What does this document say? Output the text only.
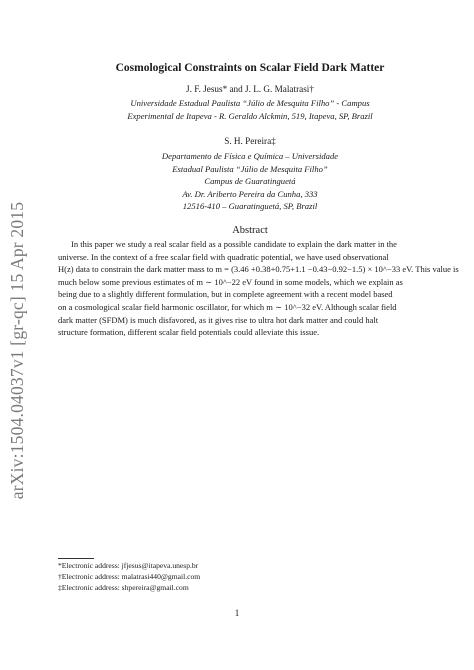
arXiv:1504.04037v1 [gr-qc] 15 Apr 2015
Cosmological Constraints on Scalar Field Dark Matter
J. F. Jesus* and J. L. G. Malatrasi†
Universidade Estadual Paulista “Júlio de Mesquita Filho” - Campus
Experimental de Itapeva - R. Geraldo Alckmin, 519, Itapeva, SP, Brazil
S. H. Pereira‡
Departamento de Física e Química – Universidade
Estadual Paulista “Júlio de Mesquita Filho”
Campus de Guaratinguetá
Av. Dr. Ariberto Pereira da Cunha, 333
12516-410 – Guaratinguetá, SP, Brazil
Abstract
In this paper we study a real scalar field as a possible candidate to explain the dark matter in the
universe. In the context of a free scalar field with quadratic potential, we have used observational
H(z) data to constrain the dark matter mass to m = (3.46 +0.38+0.75+1.1 −0.43−0.92−1.5) × 10^−33 eV. This value is
much below some previous estimates of m ∼ 10^−22 eV found in some models, which we explain as
being due to a slightly different formulation, but in complete agreement with a recent model based
on a cosmological scalar field harmonic oscillator, for which m ∼ 10^−32 eV. Although scalar field
dark matter (SFDM) is much disfavored, as it gives rise to ultra hot dark matter and could halt
structure formation, different scalar field potentials could alleviate this issue.
*Electronic address: jfjesus@itapeva.unesp.br
†Electronic address: malatrasi440@gmail.com
‡Electronic address: shpereira@gmail.com
1
